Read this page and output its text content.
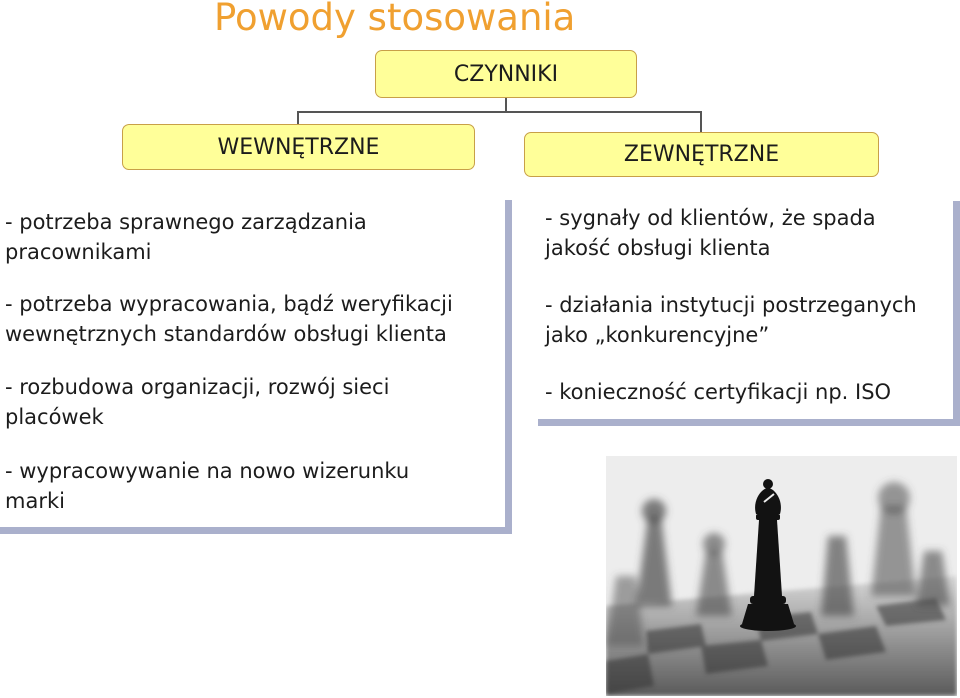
Powody stosowania
CZYNNIKI
WEWNĘTRZNE	ZEWNĘTRZNE
- potrzeba sprawnego zarządzania
pracownikami
- potrzeba wypracowania, bądź weryfikacji
wewnętrznych standardów obsługi klienta
- rozbudowa organizacji, rozwój sieci
placówek
- wypracowywanie na nowo wizerunku
marki
- sygnały od klientów, że spada
jakość obsługi klienta
- działania instytucji postrzeganych
jako „konkurencyjne”
- konieczność certyfikacji np. ISO
